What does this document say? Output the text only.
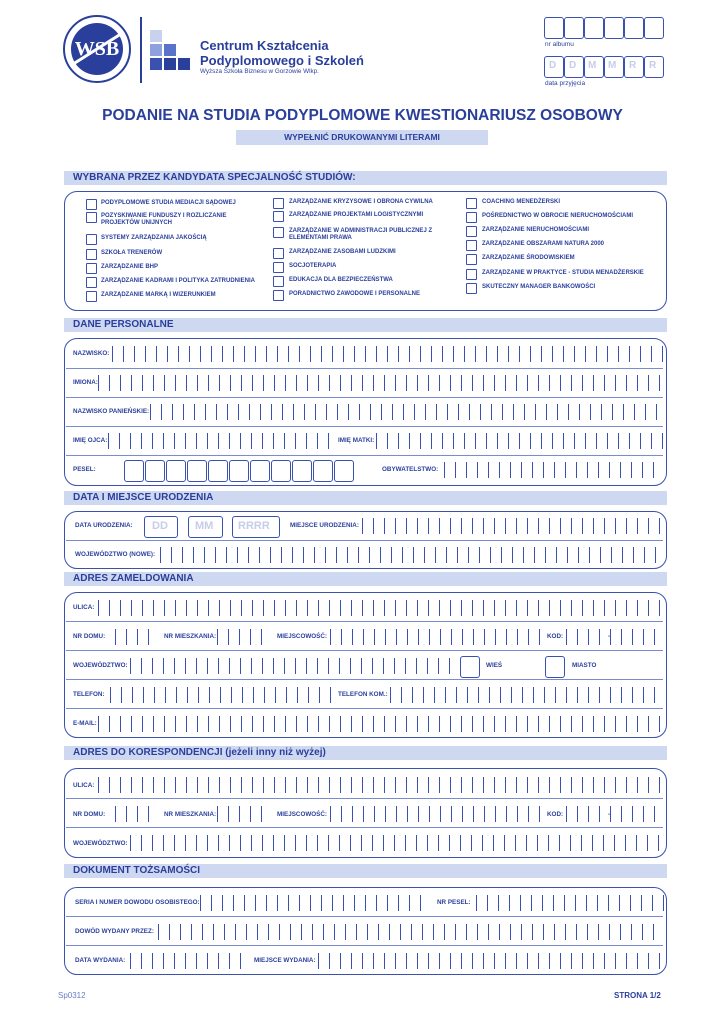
WSB	Centrum Kształcenia
Podyplomowego i Szkoleń
Wyższa Szkoła Biznesu w Gorzowie Wlkp.
nr albumu
D D M M R R
data przyjęcia
PODANIE NA STUDIA PODYPLOMOWE KWESTIONARIUSZ OSOBOWY
WYPEŁNIĆ DRUKOWANYMI LITERAMI
WYBRANA PRZEZ KANDYDATA SPECJALNOŚĆ STUDIÓW:
PODYPLOMOWE STUDIA MEDIACJI SĄDOWEJ
POZYSKIWANIE FUNDUSZY I ROZLICZANIE PROJEKTÓW UNIJNYCH
SYSTEMY ZARZĄDZANIA JAKOŚCIĄ
SZKOŁA TRENERÓW
ZARZĄDZANIE BHP
ZARZĄDZANIE KADRAMI I POLITYKA ZATRUDNIENIA
ZARZĄDZANIE MARKĄ I WIZERUNKIEM
ZARZĄDZANIE KRYZYSOWE I OBRONA CYWILNA
ZARZĄDZANIE PROJEKTAMI LOGISTYCZNYMI
ZARZĄDZANIE W ADMINISTRACJI PUBLICZNEJ Z ELEMENTAMI PRAWA
ZARZĄDZANIE ZASOBAMI LUDZKIMI
SOCJOTERAPIA
EDUKACJA DLA BEZPIECZEŃSTWA
PORADNICTWO ZAWODOWE I PERSONALNE
COACHING MENEDŻERSKI
POŚREDNICTWO W OBROCIE NIERUCHOMOŚCIAMI
ZARZĄDZANIE NIERUCHOMOŚCIAMI
ZARZĄDZANIE OBSZARAMI NATURA 2000
ZARZĄDZANIE ŚRODOWISKIEM
ZARZĄDZANIE W PRAKTYCE - STUDIA MENADŻERSKIE
SKUTECZNY MANAGER BANKOWOŚCI
DANE PERSONALNE
NAZWISKO:
IMIONA:
NAZWISKO PANIEŃSKIE:
IMIĘ OJCA:	IMIĘ MATKI:
PESEL:	OBYWATELSTWO:
DATA I MIEJSCE URODZENIA
DATA URODZENIA: DD MM RRRR	MIEJSCE URODZENIA:
WOJEWÓDZTWO (NOWE):
ADRES ZAMELDOWANIA
ULICA:
NR DOMU:	NR MIESZKANIA:	MIEJSCOWOŚĆ:	KOD:	-
WOJEWÓDZTWO:	WIEŚ	MIASTO
TELEFON:	TELEFON KOM.:
E-MAIL:
ADRES DO KORESPONDENCJI (jeżeli inny niż wyżej)
ULICA:
NR DOMU:	NR MIESZKANIA:	MIEJSCOWOŚĆ:	KOD:	-
WOJEWÓDZTWO:
DOKUMENT TOŻSAMOŚCI
SERIA I NUMER DOWODU OSOBISTEGO:	NR PESEL:
DOWÓD WYDANY PRZEZ:
DATA WYDANIA:	MIEJSCE WYDANIA:
Sp0312	STRONA 1/2
